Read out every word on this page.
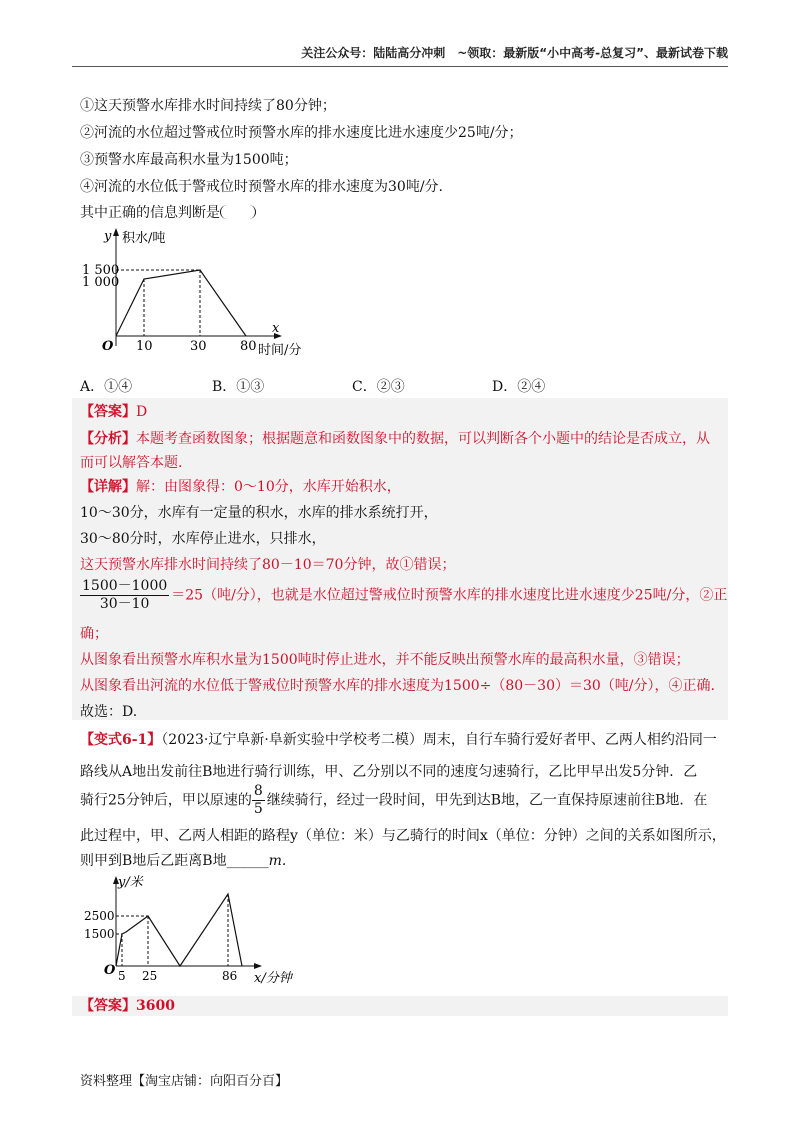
关注公众号：陆陆高分冲刺　~领取：最新版“小中高考-总复习”、最新试卷下载
①这天预警水库排水时间持续了80分钟；
②河流的水位超过警戒位时预警水库的排水速度比进水速度少25吨/分；
③预警水库最高积水量为1500吨；
④河流的水位低于警戒位时预警水库的排水速度为30吨/分.
其中正确的信息判断是
y 积水/吨
x
时间/分
O
1 500
1 000
10	30	80
A．①④	B．①③	C．②③	D．②④
【答案】D
【分析】本题考查函数图象；根据题意和函数图象中的数据，可以判断各个小题中的结论是否成立，从
而可以解答本题.
【详解】解：由图象得：0～10分，水库开始积水，
10～30分，水库有一定量的积水，水库的排水系统打开，
30～80分时，水库停止进水，只排水，
这天预警水库排水时间持续了80－10＝70分钟，故①错误；
$\frac{1500-1000}{30-10} =25$（吨/分），也就是水位超过警戒位时预警水库的排水速度比进水速度少25吨/分，②正
确；
从图象看出预警水库积水量为1500吨时停止进水，并不能反映出预警水库的最高积水量，③错误；
从图象看出河流的水位低于警戒位时预警水库的排水速度为1500÷（80－30）＝30（吨/分），④正确.
故选：D.
【变式6-1】（2023·辽宁阜新·阜新实验中学校考二模）周末，自行车骑行爱好者甲、乙两人相约沿同一
路线从A地出发前往B地进行骑行训练，甲、乙分别以不同的速度匀速骑行，乙比甲早出发5分钟．乙
骑行25分钟后，甲以原速的 $\frac{8}{5}$ 继续骑行，经过一段时间，甲先到达B地，乙一直保持原速前往B地．在
此过程中，甲、乙两人相距的路程y（单位：米）与乙骑行的时间x（单位：分钟）之间的关系如图所示，
则甲到B地后乙距离B地______m.
y/米
x/分钟
O
2500
1500
5 25	86
【答案】3600
资料整理【淘宝店铺：向阳百分百】
